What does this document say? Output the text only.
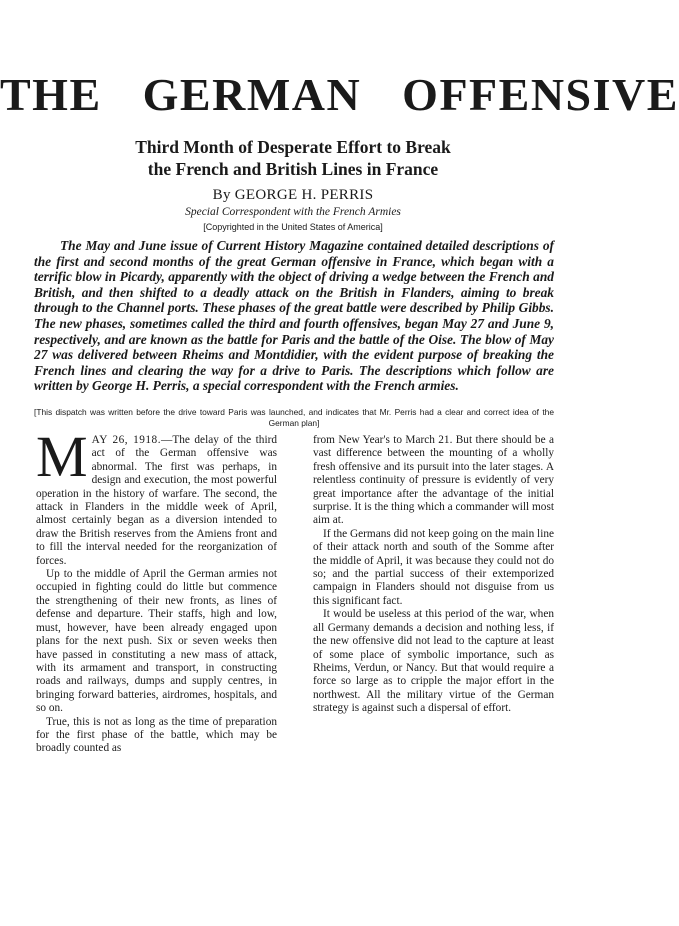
THE GERMAN OFFENSIVE
Third Month of Desperate Effort to Break
the French and British Lines in France
By GEORGE H. PERRIS
Special Correspondent with the French Armies
[Copyrighted in the United States of America]

The May and June issue of Current History Magazine contained detailed descriptions of the first and second months of the great German offensive in France, which began with a terrific blow in Picardy, apparently with the object of driving a wedge between the French and British, and then shifted to a deadly attack on the British in Flanders, aiming to break through to the Channel ports. These phases of the great battle were described by Philip Gibbs. The new phases, sometimes called the third and fourth offensives, began May 27 and June 9, respectively, and are known as the battle for Paris and the battle of the Oise. The blow of May 27 was delivered between Rheims and Montdidier, with the evident purpose of breaking the French lines and clearing the way for a drive to Paris. The descriptions which follow are written by George H. Perris, a special correspondent with the French armies.

[This dispatch was written before the drive toward Paris was launched, and indicates that Mr. Perris had a clear and correct idea of the German plan]

MAY 26, 1918.—The delay of the third act of the German offensive was abnormal. The first was perhaps, in design and execution, the most powerful operation in the history of warfare. The second, the attack in Flanders in the middle week of April, almost certainly began as a diversion intended to draw the British reserves from the Amiens front and to fill the interval needed for the reorganization of forces.

Up to the middle of April the German armies not occupied in fighting could do little but commence the strengthening of their new fronts, as lines of defense and departure. Their staffs, high and low, must, however, have been already engaged upon plans for the next push. Six or seven weeks then have passed in constituting a new mass of attack, with its armament and transport, in constructing roads and railways, dumps and supply centres, in bringing forward batteries, airdromes, hospitals, and so on.

True, this is not as long as the time of preparation for the first phase of the battle, which may be broadly counted as

from New Year's to March 21. But there should be a vast difference between the mounting of a wholly fresh offensive and its pursuit into the later stages. A relentless continuity of pressure is evidently of very great importance after the advantage of the initial surprise. It is the thing which a commander will most aim at.

If the Germans did not keep going on the main line of their attack north and south of the Somme after the middle of April, it was because they could not do so; and the partial success of their extemporized campaign in Flanders should not disguise from us this significant fact.

It would be useless at this period of the war, when all Germany demands a decision and nothing less, if the new offensive did not lead to the capture at least of some place of symbolic importance, such as Rheims, Verdun, or Nancy. But that would require a force so large as to cripple the major effort in the northwest. All the military virtue of the German strategy is against such a dispersal of effort.
